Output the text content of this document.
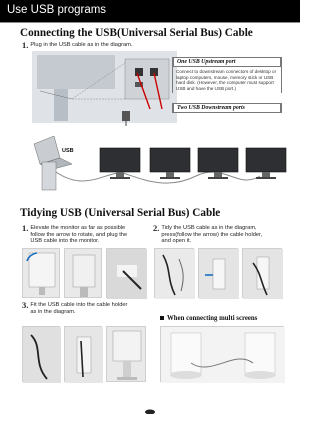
Use USB programs
Connecting the USB(Universal Serial Bus) Cable
1. Plug in the USB cable as in the diagram.
One USB Upstream port
Connect to downstream connectors of desktop or laptop computers, mouse, memory stick or USB hard disk. (However, the computer must support USB and have the USB port.)
Two USB Downstream ports
USB
Tidying USB (Universal Serial Bus) Cable
1. Elevate the monitor as far as possible follow the arrow to rotate, and plug the USB cable into the monitor.
2. Tidy the USB cable as in the diagram, press(follow the arrow) the cable holder, and open it.
3. Fit the USB cable into the cable holder as in the diagram.
When connecting multi screens
